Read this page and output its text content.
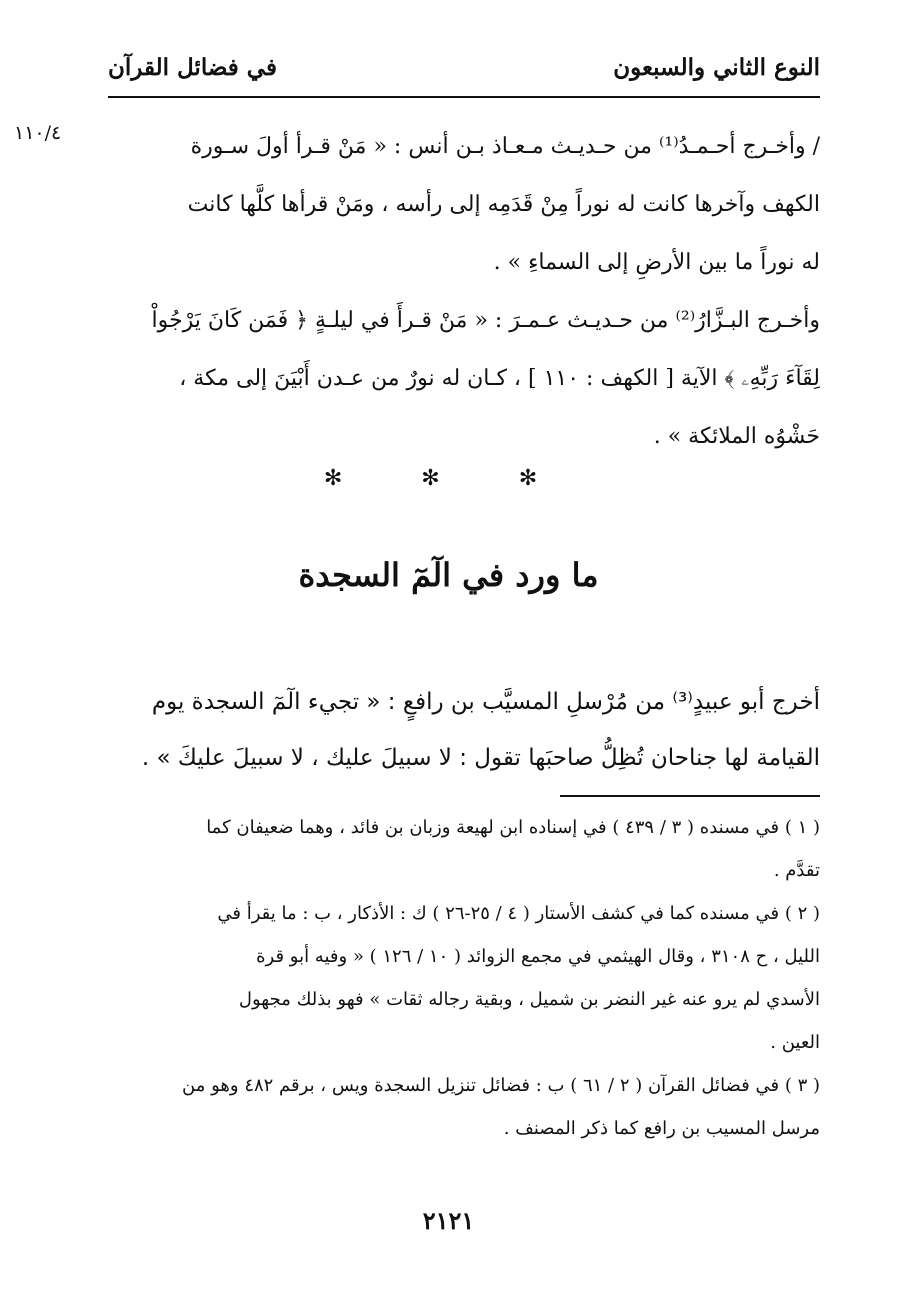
النوع الثاني والسبعون
في فضائل القرآن
١١٠/٤
/ وأخـرج أحـمـدُ⁽¹⁾ من حـديـث مـعـاذ بـن أنس : « مَنْ قـرأ أولَ سـورة
الكهف وآخرها كانت له نوراً مِنْ قَدَمِه إلى رأسه ، ومَنْ قرأها كلَّها كانت
له نوراً ما بين الأرضِ إلى السماءِ » .
وأخـرج البـزَّارُ⁽²⁾ من حـديـث عـمـرَ : « مَنْ قـرأَ في ليلـةٍ ﴿ فَمَن كَانَ يَرْجُواْ
لِقَآءَ رَبِّهِۦ ﴾ الآية [ الكهف : ١١٠ ] ، كـان له نورٌ من عـدن أَبْيَنَ إلى مكة ،
حَشْوُه الملائكة » .
✻ ✻ ✻
ما ورد في الٓمٓ السجدة
أخرج أبو عبيدٍ⁽³⁾ من مُرْسلِ المسيَّب بن رافعٍ : « تجيء الٓمٓ السجدة يوم
القيامة لها جناحان تُظِلُّ صاحبَها تقول : لا سبيلَ عليك ، لا سبيلَ عليكَ » .
( ١ ) في مسنده ( ٣ / ٤٣٩ ) في إسناده ابن لهيعة وزبان بن فائد ، وهما ضعيفان كما
تقدَّم .
( ٢ ) في مسنده كما في كشف الأستار ( ٤ / ٢٥-٢٦ ) ك : الأذكار ، ب : ما يقرأ في
الليل ، ح ٣١٠٨ ، وقال الهيثمي في مجمع الزوائد ( ١٠ / ١٢٦ ) « وفيه أبو قرة
الأسدي لم يرو عنه غير النضر بن شميل ، وبقية رجاله ثقات » فهو بذلك مجهول
العين .
( ٣ ) في فضائل القرآن ( ٢ / ٦١ ) ب : فضائل تنزيل السجدة ويس ، برقم ٤٨٢ وهو من
مرسل المسيب بن رافع كما ذكر المصنف .
٢١٢١
